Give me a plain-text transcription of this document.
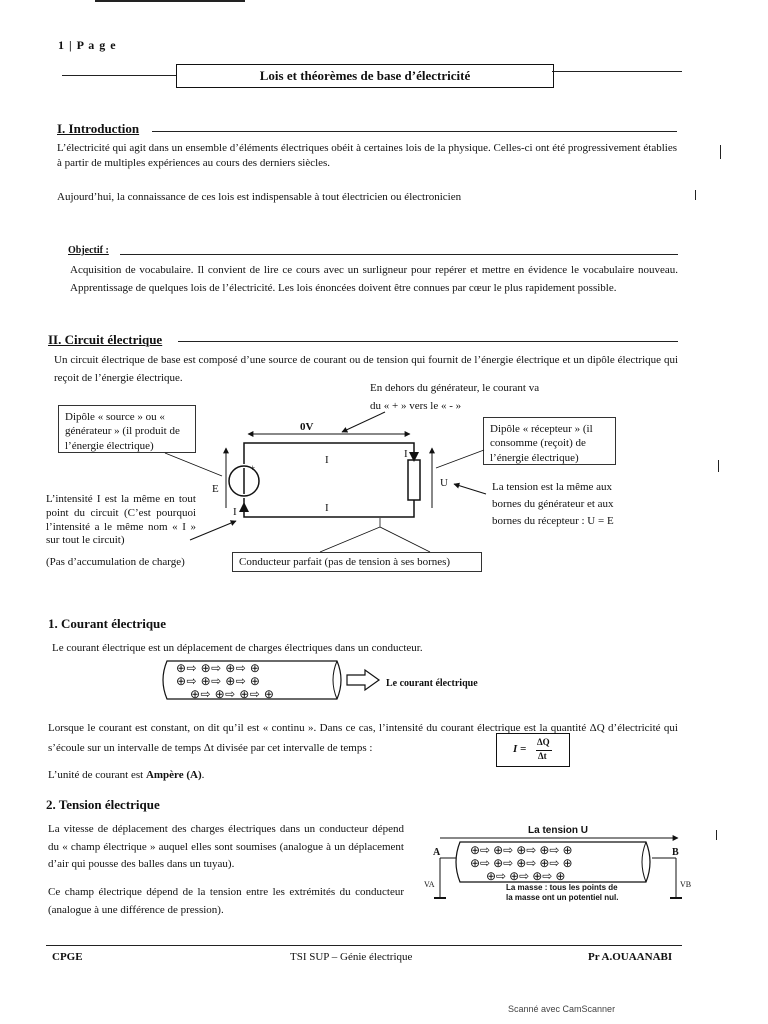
1 | P a g e
Lois et théorèmes de base d’électricité
I. Introduction
L’électricité qui agit dans un ensemble d’éléments électriques obéit à certaines lois de la physique. Celles-ci ont été progressivement établies à partir de multiples expériences au cours des derniers siècles.
Aujourd’hui, la connaissance de ces lois est indispensable à tout électricien ou électronicien
Objectif :
Acquisition de vocabulaire. Il convient de lire ce cours avec un surligneur pour repérer et mettre en évidence le vocabulaire nouveau. Apprentissage de quelques lois de l’électricité. Les lois énoncées doivent être connues par cœur le plus rapidement possible.
II. Circuit électrique
Un circuit électrique de base est composé d’une source de courant ou de tension qui fournit de l’énergie électrique et un dipôle électrique qui reçoit de l’énergie électrique.
En dehors du générateur, le courant va du « + » vers le « - »
Dipôle « source » ou « générateur » (il produit de l’énergie électrique)
Dipôle « récepteur » (il consomme (reçoit) de l’énergie électrique)
L’intensité I est la même en tout point du circuit (C’est pourquoi l’intensité a le même nom « I » sur tout le circuit)
(Pas d’accumulation de charge)
La tension est la même aux bornes du générateur et aux bornes du récepteur : U = E
Conducteur parfait (pas de tension à ses bornes)
0V
I	I
I
I
E	U
+
1. Courant électrique
Le courant électrique est un déplacement de charges électriques dans un conducteur.
⊕⇨ ⊕⇨ ⊕⇨ ⊕
⊕⇨ ⊕⇨ ⊕⇨ ⊕
⊕⇨ ⊕⇨ ⊕⇨ ⊕
Le courant électrique
Lorsque le courant est constant, on dit qu’il est « continu ». Dans ce cas, l’intensité du courant électrique est la quantité ΔQ d’électricité qui s’écoule sur un intervalle de temps Δt divisée par cet intervalle de temps :	I =
ΔQ
Δt
L’unité de courant est Ampère (A).
2. Tension électrique
La vitesse de déplacement des charges électriques dans un conducteur dépend du « champ électrique » auquel elles sont soumises (analogue à un déplacement d’air qui pousse des balles dans un tuyau).
Ce champ électrique dépend de la tension entre les extrémités du conducteur (analogue à une différence de pression).
La tension U
⊕⇨ ⊕⇨ ⊕⇨ ⊕⇨ ⊕
⊕⇨ ⊕⇨ ⊕⇨ ⊕⇨ ⊕
⊕⇨ ⊕⇨ ⊕⇨ ⊕
A	B
VA	VB
La masse : tous les points de la masse ont un potentiel nul.
CPGE	TSI SUP – Génie électrique	Pr A.OUAANABI
Scanné avec CamScanner
